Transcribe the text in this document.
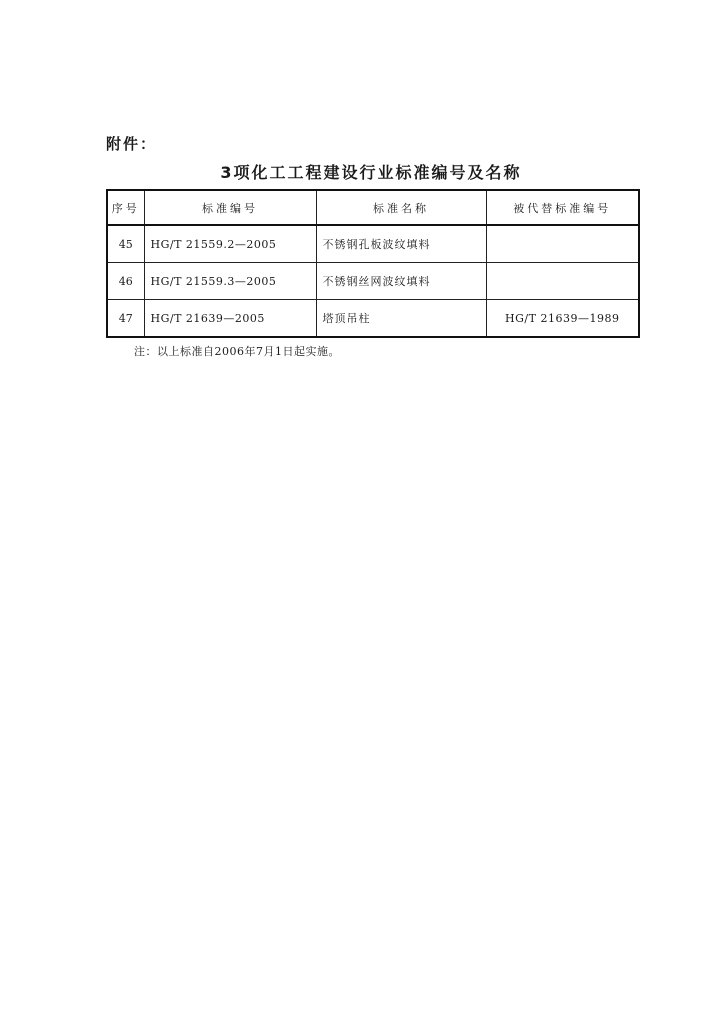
附件：
3项化工工程建设行业标准编号及名称
序号	标准编号	标准名称	被代替标准编号
45	HG/T 21559.2—2005	不锈钢孔板波纹填料	
46	HG/T 21559.3—2005	不锈钢丝网波纹填料	
47	HG/T 21639—2005	塔顶吊柱	HG/T 21639—1989
注：以上标准自2006年7月1日起实施。
